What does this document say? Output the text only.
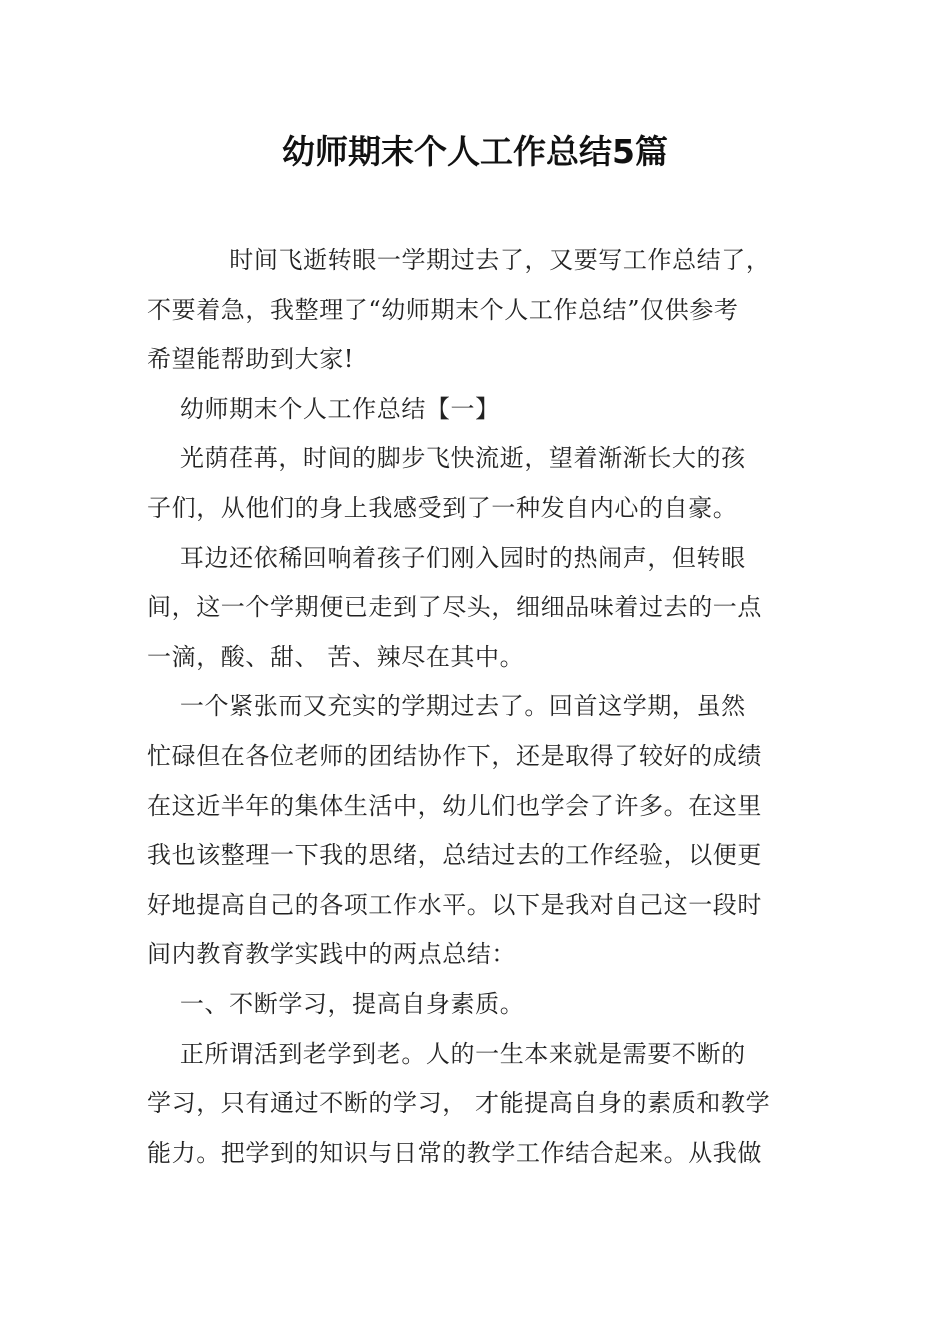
幼师期末个人工作总结5篇
时间飞逝转眼一学期过去了，又要写工作总结了，
不要着急，我整理了“幼师期末个人工作总结”仅供参考
希望能帮助到大家!
幼师期末个人工作总结【一】
光荫荏苒，时间的脚步飞快流逝，望着渐渐长大的孩
子们，从他们的身上我感受到了一种发自内心的自豪。
耳边还依稀回响着孩子们刚入园时的热闹声，但转眼
间，这一个学期便已走到了尽头，细细品味着过去的一点
一滴，酸、甜、 苦、辣尽在其中。
一个紧张而又充实的学期过去了。回首这学期，虽然
忙碌但在各位老师的团结协作下，还是取得了较好的成绩
在这近半年的集体生活中，幼儿们也学会了许多。在这里
我也该整理一下我的思绪，总结过去的工作经验，以便更
好地提高自己的各项工作水平。以下是我对自己这一段时
间内教育教学实践中的两点总结：
一、不断学习，提高自身素质。
正所谓活到老学到老。人的一生本来就是需要不断的
学习，只有通过不断的学习， 才能提高自身的素质和教学
能力。把学到的知识与日常的教学工作结合起来。从我做
